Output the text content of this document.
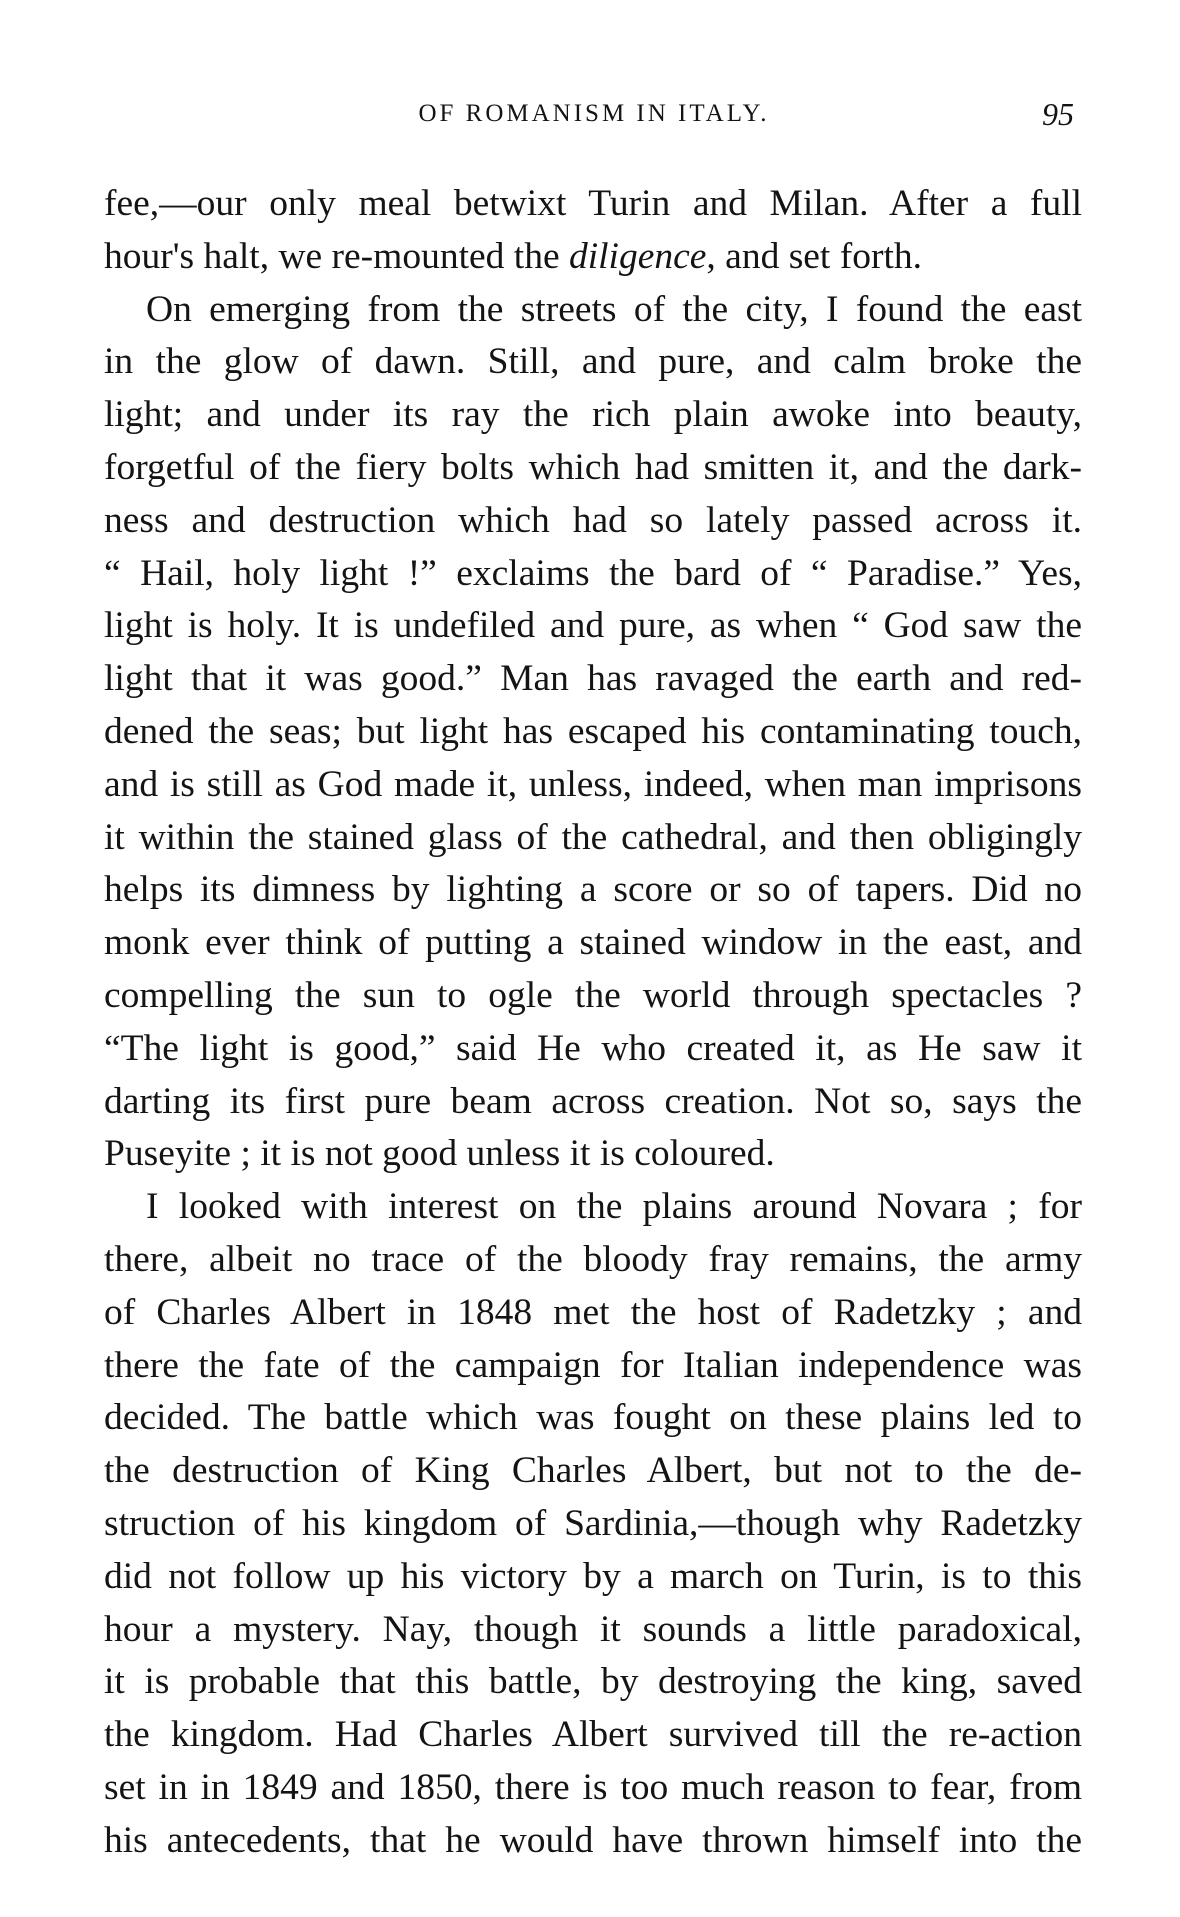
OF ROMANISM IN ITALY.	95
fee,—our only meal betwixt Turin and Milan. After a full
hour's halt, we re-mounted the diligence, and set forth.
On emerging from the streets of the city, I found the east
in the glow of dawn. Still, and pure, and calm broke the
light; and under its ray the rich plain awoke into beauty,
forgetful of the fiery bolts which had smitten it, and the dark-
ness and destruction which had so lately passed across it.
“ Hail, holy light !” exclaims the bard of “ Paradise.” Yes,
light is holy. It is undefiled and pure, as when “ God saw the
light that it was good.” Man has ravaged the earth and red-
dened the seas; but light has escaped his contaminating touch,
and is still as God made it, unless, indeed, when man imprisons
it within the stained glass of the cathedral, and then obligingly
helps its dimness by lighting a score or so of tapers. Did no
monk ever think of putting a stained window in the east, and
compelling the sun to ogle the world through spectacles ?
“The light is good,” said He who created it, as He saw it
darting its first pure beam across creation. Not so, says the
Puseyite ; it is not good unless it is coloured.
I looked with interest on the plains around Novara ; for
there, albeit no trace of the bloody fray remains, the army
of Charles Albert in 1848 met the host of Radetzky ; and
there the fate of the campaign for Italian independence was
decided. The battle which was fought on these plains led to
the destruction of King Charles Albert, but not to the de-
struction of his kingdom of Sardinia,—though why Radetzky
did not follow up his victory by a march on Turin, is to this
hour a mystery. Nay, though it sounds a little paradoxical,
it is probable that this battle, by destroying the king, saved
the kingdom. Had Charles Albert survived till the re-action
set in in 1849 and 1850, there is too much reason to fear, from
his antecedents, that he would have thrown himself into the
